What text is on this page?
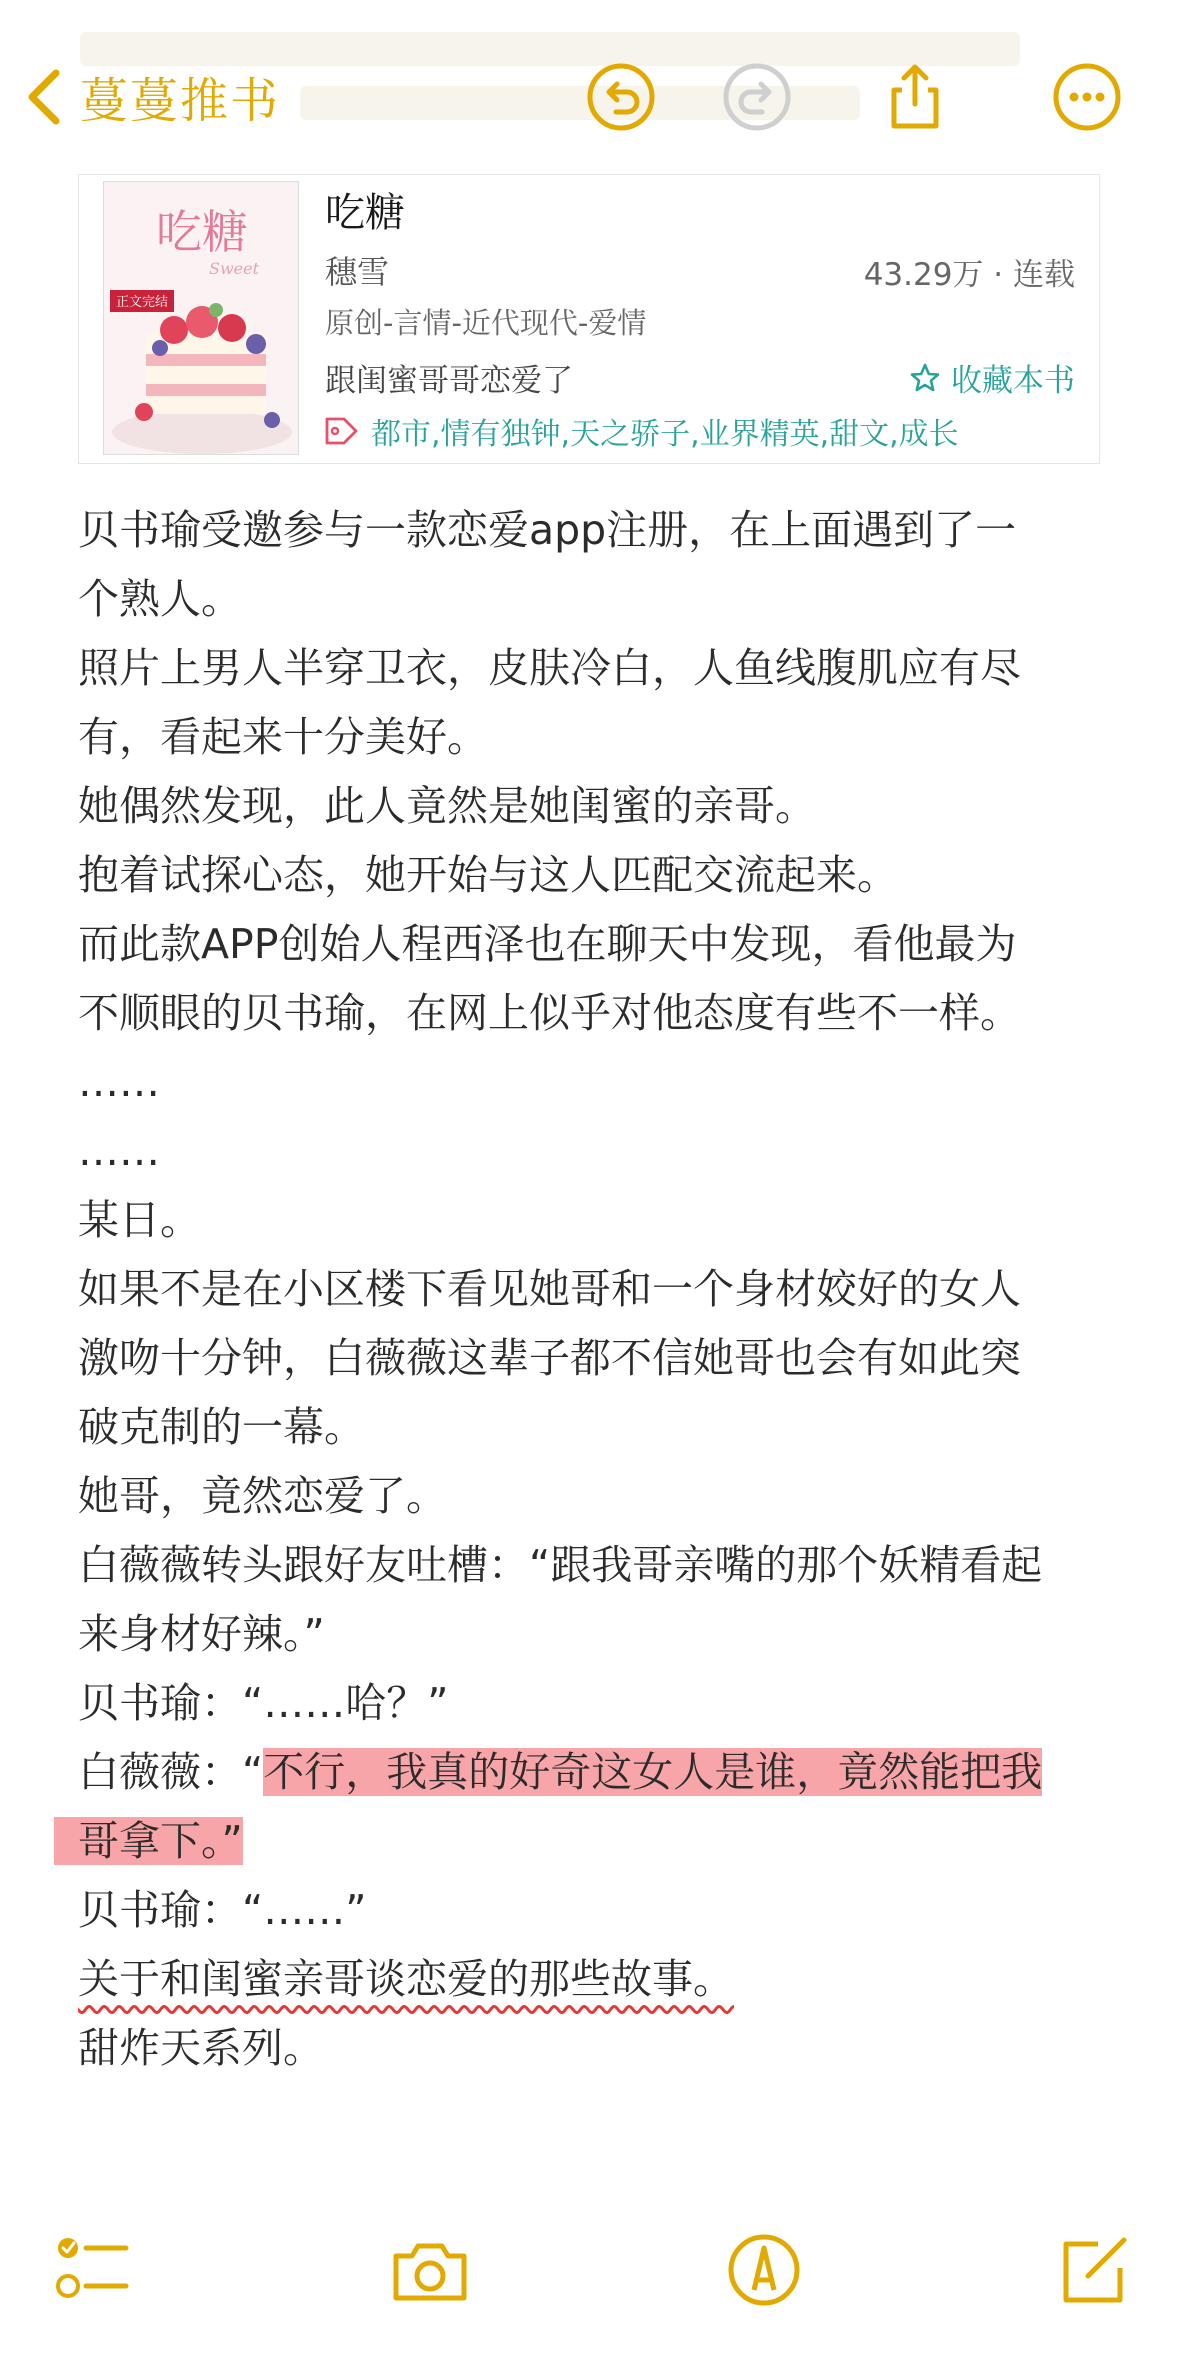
蔓蔓推书
吃糖
Sweet
正文完结
吃糖
穗雪	43.29万 · 连载
原创-言情-近代现代-爱情
跟闺蜜哥哥恋爱了	收藏本书
都市,情有独钟,天之骄子,业界精英,甜文,成长
贝书瑜受邀参与一款恋爱app注册，在上面遇到了一
个熟人。
照片上男人半穿卫衣，皮肤冷白，人鱼线腹肌应有尽
有，看起来十分美好。
她偶然发现，此人竟然是她闺蜜的亲哥。
抱着试探心态，她开始与这人匹配交流起来。
而此款APP创始人程西泽也在聊天中发现，看他最为
不顺眼的贝书瑜，在网上似乎对他态度有些不一样。
……
……
某日。
如果不是在小区楼下看见她哥和一个身材姣好的女人
激吻十分钟，白薇薇这辈子都不信她哥也会有如此突
破克制的一幕。
她哥，竟然恋爱了。
白薇薇转头跟好友吐槽：“跟我哥亲嘴的那个妖精看起
来身材好辣。”
贝书瑜：“……哈？”
白薇薇：“不行，我真的好奇这女人是谁，竟然能把我
哥拿下。”
贝书瑜：“……”
关于和闺蜜亲哥谈恋爱的那些故事。
甜炸天系列。
